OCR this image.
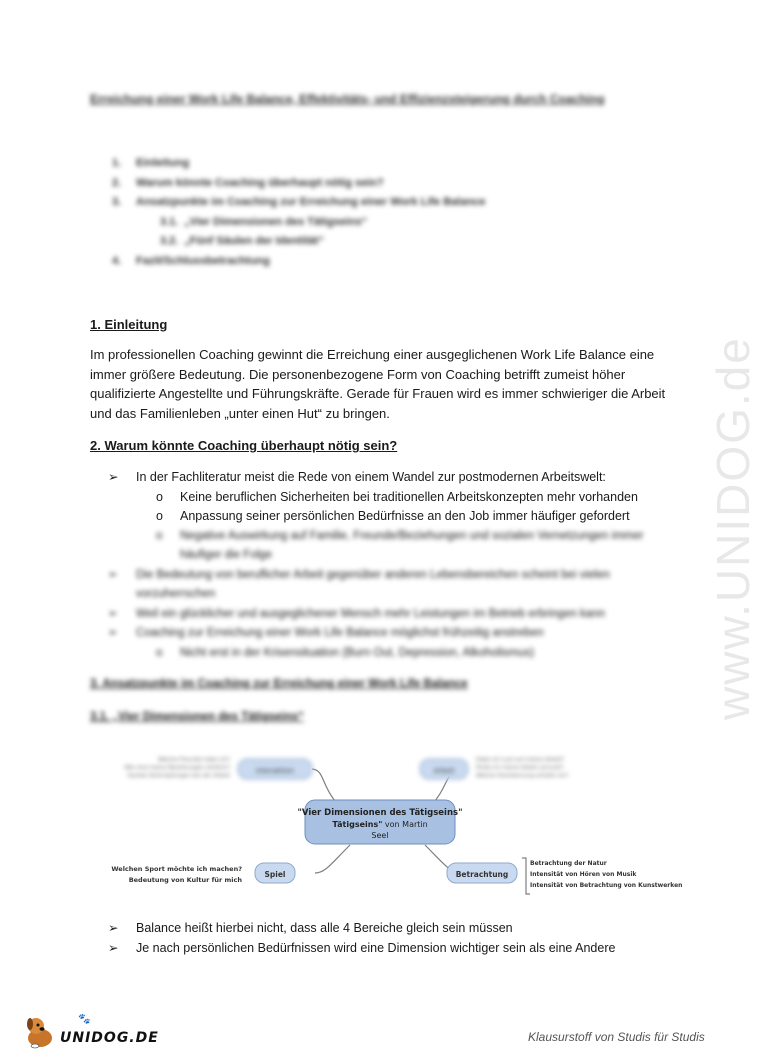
www.UNIDOG.de
Erreichung einer Work Life Balance, Effektivitäts- und Effizienzsteigerung durch Coaching
1. Einleitung
2. Warum könnte Coaching überhaupt nötig sein?
3. Ansatzpunkte im Coaching zur Erreichung einer Work Life Balance
3.1. „Vier Dimensionen des Tätigseins“
3.2. „Fünf Säulen der Identität“
4. Fazit/Schlussbetrachtung
1. Einleitung
Im professionellen Coaching gewinnt die Erreichung einer ausgeglichenen Work Life Balance eine immer größere Bedeutung. Die personenbezogene Form von Coaching betrifft zumeist höher qualifizierte Angestellte und Führungskräfte. Gerade für Frauen wird es immer schwieriger die Arbeit und das Familienleben „unter einen Hut“ zu bringen.
2. Warum könnte Coaching überhaupt nötig sein?
➢ In der Fachliteratur meist die Rede von einem Wandel zur postmodernen Arbeitswelt:
o Keine beruflichen Sicherheiten bei traditionellen Arbeitskonzepten mehr vorhanden
o Anpassung seiner persönlichen Bedürfnisse an den Job immer häufiger gefordert
o Negative Auswirkung auf Familie, Freunde/Beziehungen und sozialen Vernetzungen immer häufiger die Folge
➢ Die Bedeutung von beruflicher Arbeit gegenüber anderen Lebensbereichen scheint bei vielen vorzuherrschen
➢ Weil ein glücklicher und ausgeglichener Mensch mehr Leistungen im Betrieb erbringen kann
➢ Coaching zur Erreichung einer Work Life Balance möglichst frühzeitig anstreben
o Nicht erst in der Krisensituation (Burn Out, Depression, Alkoholismus)
3. Ansatzpunkte im Coaching zur Erreichung einer Work Life Balance
3.1. „Vier Dimensionen des Tätigseins“
Interaktion
Welche Freunde habe ich?
Wie sind meine Beziehungen wirklich?
Soziale Verknüpfungen bei der Arbeit
Arbeit
Habe ich Lust auf meine Arbeit?
Finde ich meine Arbeit sinnvoll?
Welche Anerkennung erhalte ich?
"Vier Dimensionen des Tätigseins"
Tätigseins" von Martin
Seel
Spiel
Welchen Sport möchte ich machen?
Bedeutung von Kultur für mich
Betrachtung
Betrachtung der Natur
Intensität von Hören von Musik
Intensität von Betrachtung von Kunstwerken
➢ Balance heißt hierbei nicht, dass alle 4 Bereiche gleich sein müssen
➢ Je nach persönlichen Bedürfnissen wird eine Dimension wichtiger sein als eine Andere
🐾
UNIDOG.DE	Klausurstoff von Studis für Studis
